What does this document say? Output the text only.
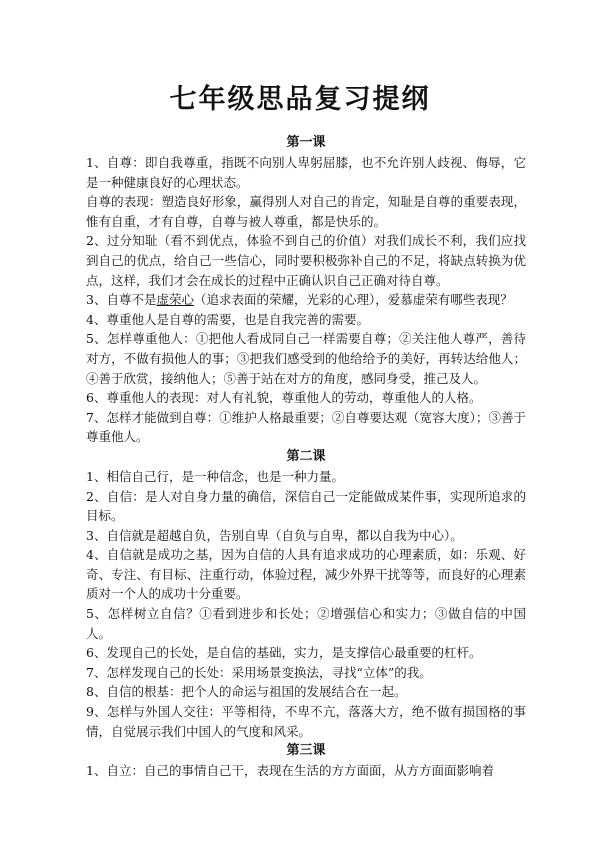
七年级思品复习提纲
第一课

1、自尊：即自我尊重，指既不向别人卑躬屈膝，也不允许别人歧视、侮辱，它是一种健康良好的心理状态。

自尊的表现：塑造良好形象，赢得别人对自己的肯定，知耻是自尊的重要表现，惟有自重，才有自尊，自尊与被人尊重，都是快乐的。

2、过分知耻（看不到优点，体验不到自己的价值）对我们成长不利，我们应找到自己的优点，给自己一些信心，同时要积极弥补自己的不足，将缺点转换为优点，这样，我们才会在成长的过程中正确认识自己正确对待自尊。

3、自尊不是虚荣心（追求表面的荣耀，光彩的心理），爱慕虚荣有哪些表现？

4、尊重他人是自尊的需要，也是自我完善的需要。

5、怎样尊重他人：①把他人看成同自己一样需要自尊；②关注他人尊严，善待对方，不做有损他人的事；③把我们感受到的他给给予的美好，再转达给他人；④善于欣赏，接纳他人；⑤善于站在对方的角度，感同身受，推己及人。

6、尊重他人的表现：对人有礼貌，尊重他人的劳动，尊重他人的人格。

7、怎样才能做到自尊：①维护人格最重要；②自尊要达观（宽容大度）；③善于尊重他人。

第二课

1、相信自己行，是一种信念，也是一种力量。

2、自信：是人对自身力量的确信，深信自己一定能做成某件事，实现所追求的目标。

3、自信就是超越自负，告别自卑（自负与自卑，都以自我为中心）。

4、自信就是成功之基，因为自信的人具有追求成功的心理素质，如：乐观、好奇、专注、有目标、注重行动，体验过程，减少外界干扰等等，而良好的心理素质对一个人的成功十分重要。

5、怎样树立自信？①看到进步和长处；②增强信心和实力；③做自信的中国人。

6、发现自己的长处，是自信的基础，实力，是支撑信心最重要的杠杆。

7、怎样发现自己的长处：采用场景变换法，寻找“立体”的我。

8、自信的根基：把个人的命运与祖国的发展结合在一起。

9、怎样与外国人交往：平等相待，不卑不亢，落落大方，绝不做有损国格的事情，自觉展示我们中国人的气度和风采。

第三课

1、自立：自己的事情自己干，表现在生活的方方面面，从方方面面影响着
